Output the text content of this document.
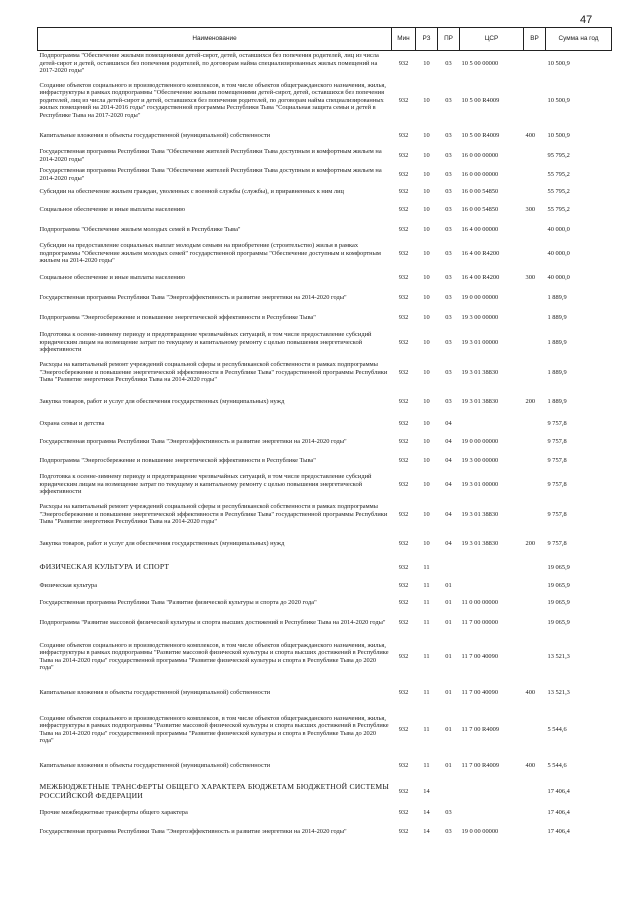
47
Наименование	Мин	РЗ	ПР	ЦСР	ВР	Сумма на год
Подпрограмма "Обеспечение жилыми помещениями детей-сирот, детей, оставшихся без попечения родителей, лиц из числа детей-сирот и детей, оставшихся без попечения родителей, по договорам найма специализированных жилых помещений на 2017-2020 годы"	932	10	03	10 5 00 00000		10 500,9
Создание объектов социального и производственного комплексов, в том числе объектов общегражданского назначения, жилья, инфраструктуры в рамках подпрограммы "Обеспечение жилыми помещениями детей-сирот, детей, оставшихся без попечения родителей, лиц из числа детей-сирот и детей, оставшихся без попечения родителей, по договорам найма специализированных жилых помещений на 2014-2016 годы" государственной программы Республики Тыва "Социальная защита семьи и детей в Республике Тыва на 2017-2020 годы"	932	10	03	10 5 00 R4009		10 500,9
Капитальные вложения в объекты государственной (муниципальной) собственности	932	10	03	10 5 00 R4009	400	10 500,9
Государственная программа Республики Тыва "Обеспечение жителей Республики Тыва доступным и комфортным жильем на 2014-2020 годы"	932	10	03	16 0 00 00000		95 795,2
Государственная программа Республики Тыва "Обеспечение жителей Республики Тыва доступным и комфортным жильем на 2014-2020 годы"	932	10	03	16 0 00 00000		55 795,2
Субсидии на обеспечение жильем граждан, уволенных с военной службы (службы), и приравненных к ним лиц	932	10	03	16 0 00 54850		55 795,2
Социальное обеспечение и иные выплаты населению	932	10	03	16 0 00 54850	300	55 795,2
Подпрограмма "Обеспечение жильем молодых семей в Республике Тыва"	932	10	03	16 4 00 00000		40 000,0
Субсидии на предоставление социальных выплат молодым семьям на приобретение (строительство) жилья в рамках подпрограммы "Обеспечение жильем молодых семей" государственной программы "Обеспечение доступным и комфортным жильем на 2014-2020 годы"	932	10	03	16 4 00 R4200		40 000,0
Социальное обеспечение и иные выплаты населению	932	10	03	16 4 00 R4200	300	40 000,0
Государственная программа Республики Тыва "Энергоэффективность и развитие энергетики на 2014-2020 годы"	932	10	03	19 0 00 00000		1 889,9
Подпрограмма "Энергосбережение и повышение энергетической эффективности в Республике Тыва"	932	10	03	19 3 00 00000		1 889,9
Подготовка к осенне-зимнему периоду и предотвращение чрезвычайных ситуаций, в том числе предоставление субсидий юридическим лицам на возмещение затрат по текущему и капитальному ремонту с целью повышения энергетической эффективности	932	10	03	19 3 01 00000		1 889,9
Расходы на капитальный ремонт учреждений социальной сферы и республиканской собственности в рамках подпрограммы "Энергосбережение и повышение энергетической эффективности в Республике Тыва" государственной программы Республики Тыва "Развитие энергетики Республики Тыва на 2014-2020 годы"	932	10	03	19 3 01 38830		1 889,9
Закупка товаров, работ и услуг для обеспечения государственных (муниципальных) нужд	932	10	03	19 3 01 38830	200	1 889,9
Охрана семьи и детства	932	10	04			9 757,8
Государственная программа Республики Тыва "Энергоэффективность и развитие энергетики на 2014-2020 годы"	932	10	04	19 0 00 00000		9 757,8
Подпрограмма "Энергосбережение и повышение энергетической эффективности в Республике Тыва"	932	10	04	19 3 00 00000		9 757,8
Подготовка к осенне-зимнему периоду и предотвращение чрезвычайных ситуаций, в том числе предоставление субсидий юридическим лицам на возмещение затрат по текущему и капитальному ремонту с целью повышения энергетической эффективности	932	10	04	19 3 01 00000		9 757,8
Расходы на капитальный ремонт учреждений социальной сферы и республиканской собственности в рамках подпрограммы "Энергосбережение и повышение энергетической эффективности в Республике Тыва" государственной программы Республики Тыва "Развитие энергетики Республики Тыва на 2014-2020 годы"	932	10	04	19 3 01 38830		9 757,8
Закупка товаров, работ и услуг для обеспечения государственных (муниципальных) нужд	932	10	04	19 3 01 38830	200	9 757,8
ФИЗИЧЕСКАЯ КУЛЬТУРА И СПОРТ	932	11				19 065,9
Физическая культура	932	11	01			19 065,9
Государственная программа Республики Тыва "Развитие физической культуры и спорта до 2020 года"	932	11	01	11 0 00 00000		19 065,9
Подпрограмма "Развитие массовой физической культуры и спорта высших достижений в Республике Тыва на 2014-2020 годы"	932	11	01	11 7 00 00000		19 065,9
Создание объектов социального и производственного комплексов, в том числе объектов общегражданского назначения, жилья, инфраструктуры в рамках подпрограммы "Развитие массовой физической культуры и спорта высших достижений в Республике Тыва на 2014-2020 годы" государственной программы "Развитие физической культуры и спорта в Республике Тыва до 2020 года"	932	11	01	11 7 00 40090		13 521,3
Капитальные вложения в объекты государственной (муниципальной) собственности	932	11	01	11 7 00 40090	400	13 521,3
Создание объектов социального и производственного комплексов, в том числе объектов общегражданского назначения, жилья, инфраструктуры в рамках подпрограммы "Развитие массовой физической культуры и спорта высших достижений в Республике Тыва на 2014-2020 годы" государственной программы "Развитие физической культуры и спорта в Республике Тыва до 2020 года"	932	11	01	11 7 00 R4009		5 544,6
Капитальные вложения в объекты государственной (муниципальной) собственности	932	11	01	11 7 00 R4009	400	5 544,6
МЕЖБЮДЖЕТНЫЕ ТРАНСФЕРТЫ ОБЩЕГО ХАРАКТЕРА БЮДЖЕТАМ БЮДЖЕТНОЙ СИСТЕМЫ РОССИЙСКОЙ ФЕДЕРАЦИИ	932	14				17 406,4
Прочие межбюджетные трансферты общего характера	932	14	03			17 406,4
Государственная программа Республики Тыва "Энергоэффективность и развитие энергетики на 2014-2020 годы"	932	14	03	19 0 00 00000		17 406,4
